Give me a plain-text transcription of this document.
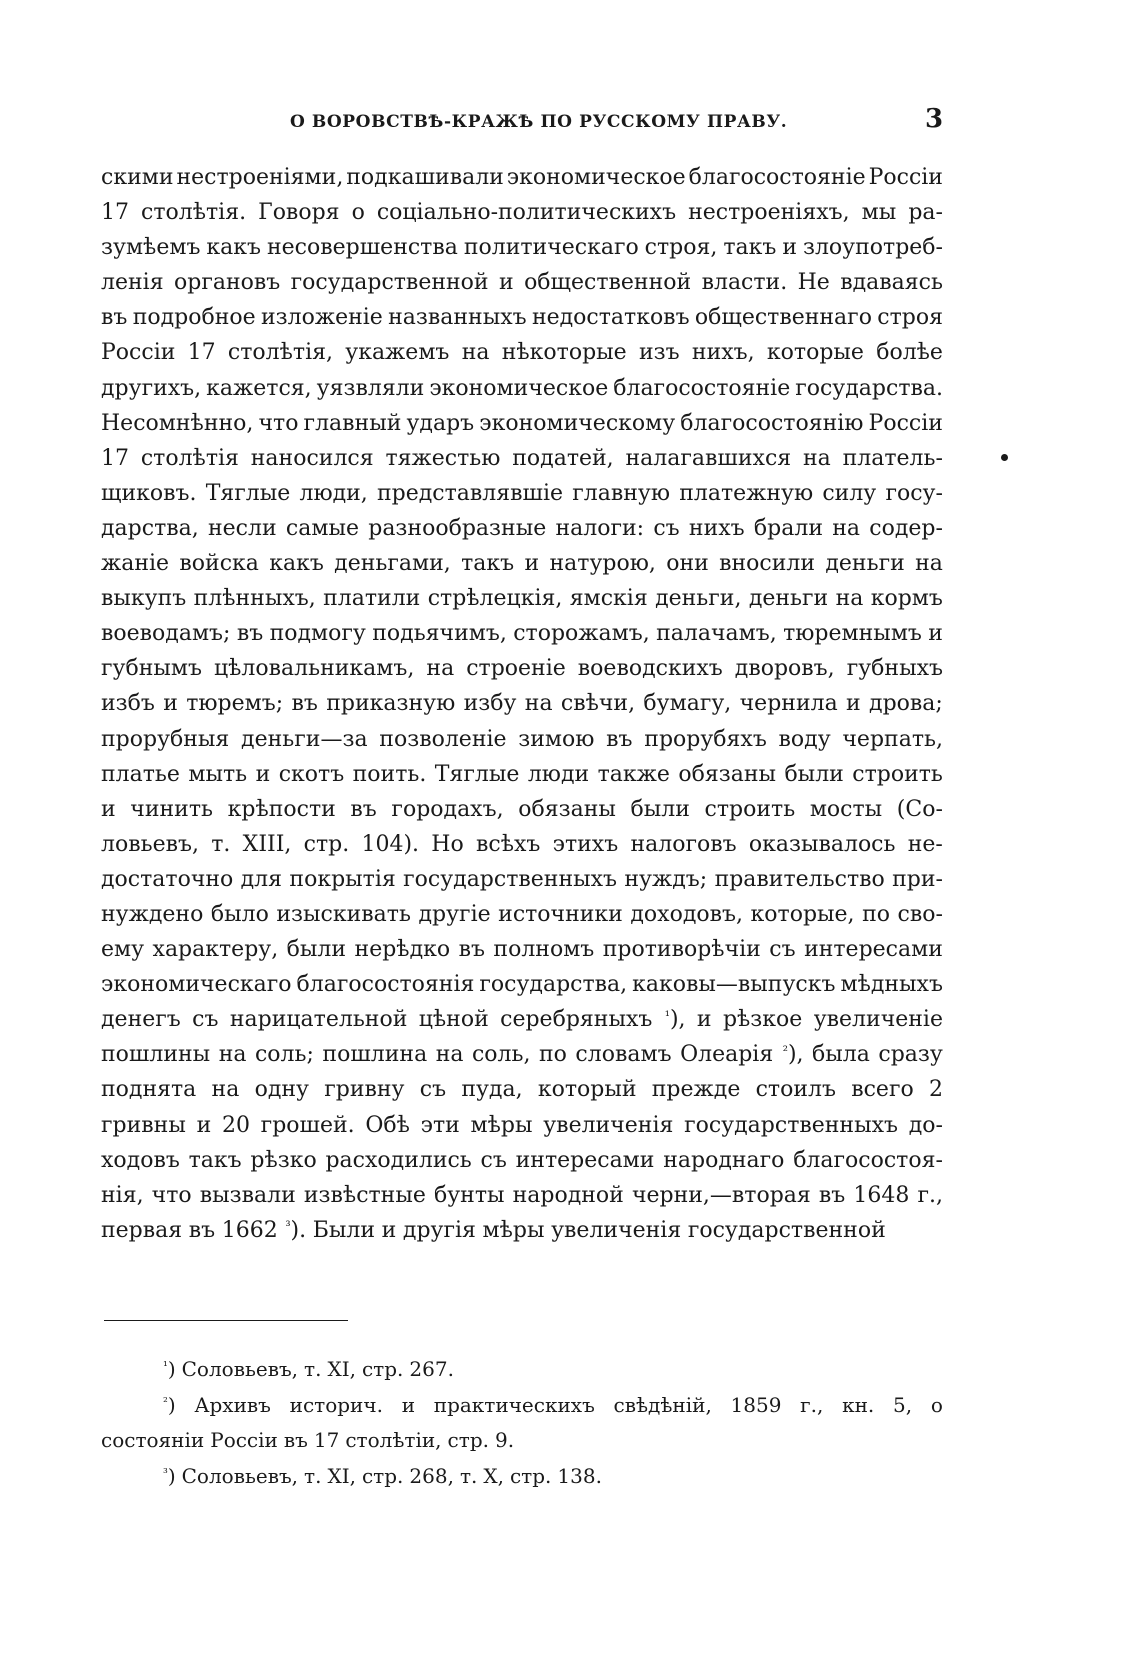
О ВОРОВСТВѢ-КРАЖѢ ПО РУССКОМУ ПРАВУ.	3
скими нестроеніями, подкашивали экономическое благосостояніе Россіи
17 столѣтія. Говоря о соціально-политическихъ нестроеніяхъ, мы ра-
зумѣемъ какъ несовершенства политическаго строя, такъ и злоупотреб-
ленія органовъ государственной и общественной власти. Не вдаваясь
въ подробное изложеніе названныхъ недостатковъ общественнаго строя
Россіи 17 столѣтія, укажемъ на нѣкоторые изъ нихъ, которые болѣе
другихъ, кажется, уязвляли экономическое благосостояніе государства.
Несомнѣнно, что главный ударъ экономическому благосостоянію Россіи
17 столѣтія наносился тяжестью податей, налагавшихся на платель-
щиковъ. Тяглые люди, представлявшіе главную платежную силу госу-
дарства, несли самые разнообразные налоги: съ нихъ брали на содер-
жаніе войска какъ деньгами, такъ и натурою, они вносили деньги на
выкупъ плѣнныхъ, платили стрѣлецкія, ямскія деньги, деньги на кормъ
воеводамъ; въ подмогу подьячимъ, сторожамъ, палачамъ, тюремнымъ и
губнымъ цѣловальникамъ, на строеніе воеводскихъ дворовъ, губныхъ
избъ и тюремъ; въ приказную избу на свѣчи, бумагу, чернила и дрова;
прорубныя деньги—за позволеніе зимою въ прорубяхъ воду черпать,
платье мыть и скотъ поить. Тяглые люди также обязаны были строить
и чинить крѣпости въ городахъ, обязаны были строить мосты (Со-
ловьевъ, т. XIII, стр. 104). Но всѣхъ этихъ налоговъ оказывалось не-
достаточно для покрытія государственныхъ нуждъ; правительство при-
нуждено было изыскивать другіе источники доходовъ, которые, по сво-
ему характеру, были нерѣдко въ полномъ противорѣчіи съ интересами
экономическаго благосостоянія государства, каковы—выпускъ мѣдныхъ
денегъ съ нарицательной цѣной серебряныхъ $^{^1}$), и рѣзкое увеличеніе
пошлины на соль; пошлина на соль, по словамъ Олеарія $^{^2}$), была сразу
поднята на одну гривну съ пуда, который прежде стоилъ всего 2
гривны и 20 грошей. Обѣ эти мѣры увеличенія государственныхъ до-
ходовъ такъ рѣзко расходились съ интересами народнаго благосостоя-
нія, что вызвали извѣстные бунты народной черни,—вторая въ 1648 г.,
первая въ 1662 $^{^3}$). Были и другія мѣры увеличенія государственной
$^{^1}$) Соловьевъ, т. XI, стр. 267.
$^{^2}$) Архивъ историч. и практическихъ свѣдѣній, 1859 г., кн. 5, о
состояніи Россіи въ 17 столѣтіи, стр. 9.
$^{^3}$) Соловьевъ, т. XI, стр. 268, т. X, стр. 138.
